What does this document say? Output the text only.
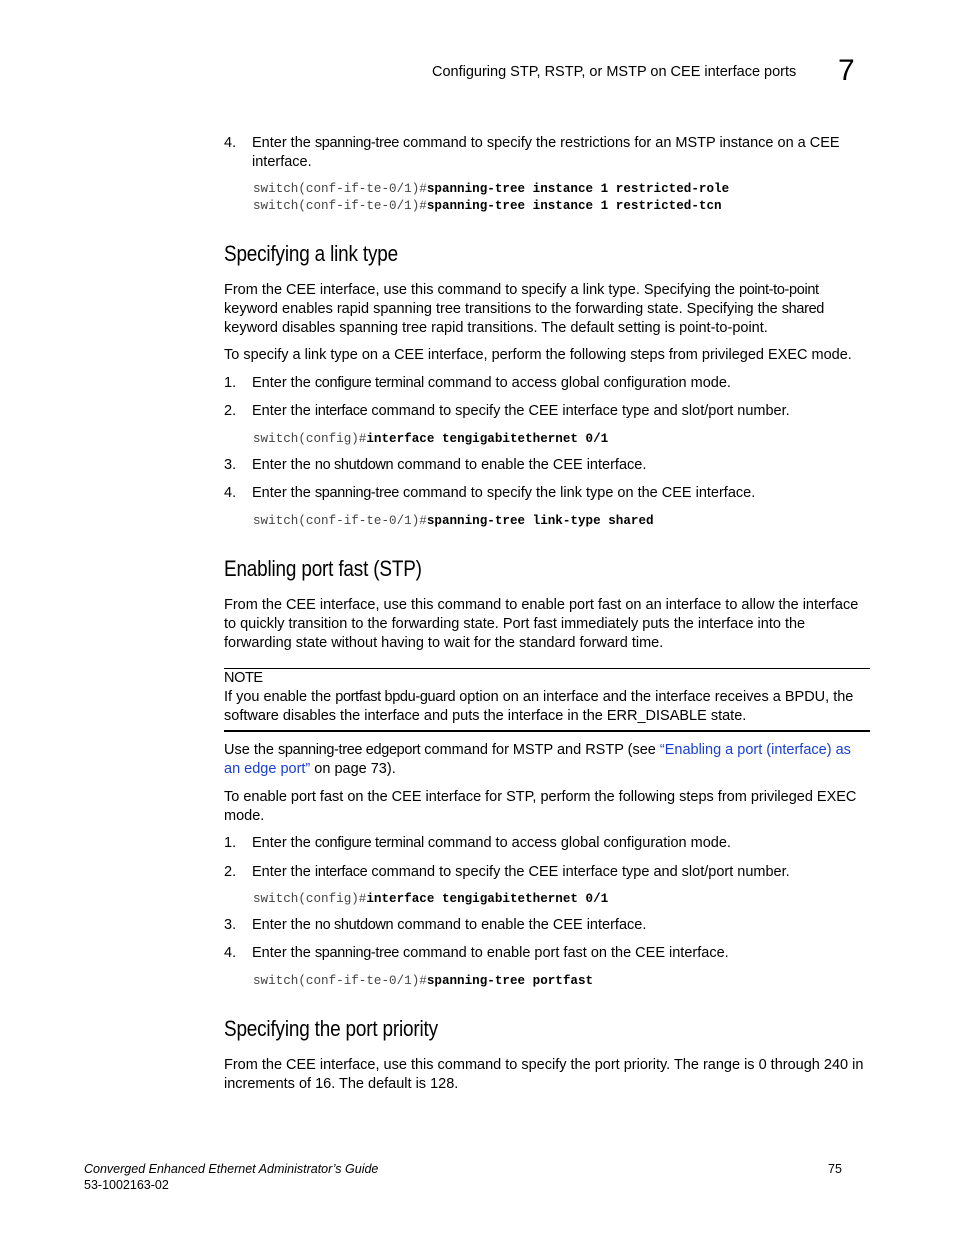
Configuring STP, RSTP, or MSTP on CEE interface ports 7
4. Enter the spanning-tree command to specify the restrictions for an MSTP instance on a CEE interface.
switch(conf-if-te-0/1)#spanning-tree instance 1 restricted-role
switch(conf-if-te-0/1)#spanning-tree instance 1 restricted-tcn
Specifying a link type

From the CEE interface, use this command to specify a link type. Specifying the point-to-point keyword enables rapid spanning tree transitions to the forwarding state. Specifying the shared keyword disables spanning tree rapid transitions. The default setting is point-to-point.

To specify a link type on a CEE interface, perform the following steps from privileged EXEC mode.

1. Enter the configure terminal command to access global configuration mode.
2. Enter the interface command to specify the CEE interface type and slot/port number.
switch(config)#interface tengigabitethernet 0/1
3. Enter the no shutdown command to enable the CEE interface.
4. Enter the spanning-tree command to specify the link type on the CEE interface.
switch(conf-if-te-0/1)#spanning-tree link-type shared
Enabling port fast (STP)

From the CEE interface, use this command to enable port fast on an interface to allow the interface to quickly transition to the forwarding state. Port fast immediately puts the interface into the forwarding state without having to wait for the standard forward time.

NOTE

If you enable the portfast bpdu-guard option on an interface and the interface receives a BPDU, the software disables the interface and puts the interface in the ERR_DISABLE state.

Use the spanning-tree edgeport command for MSTP and RSTP (see “Enabling a port (interface) as an edge port” on page 73).

To enable port fast on the CEE interface for STP, perform the following steps from privileged EXEC mode.

1. Enter the configure terminal command to access global configuration mode.
2. Enter the interface command to specify the CEE interface type and slot/port number.
switch(config)#interface tengigabitethernet 0/1
3. Enter the no shutdown command to enable the CEE interface.
4. Enter the spanning-tree command to enable port fast on the CEE interface.
switch(conf-if-te-0/1)#spanning-tree portfast
Specifying the port priority

From the CEE interface, use this command to specify the port priority. The range is 0 through 240 in increments of 16. The default is 128.

Converged Enhanced Ethernet Administrator’s Guide
53-1002163-02
75
